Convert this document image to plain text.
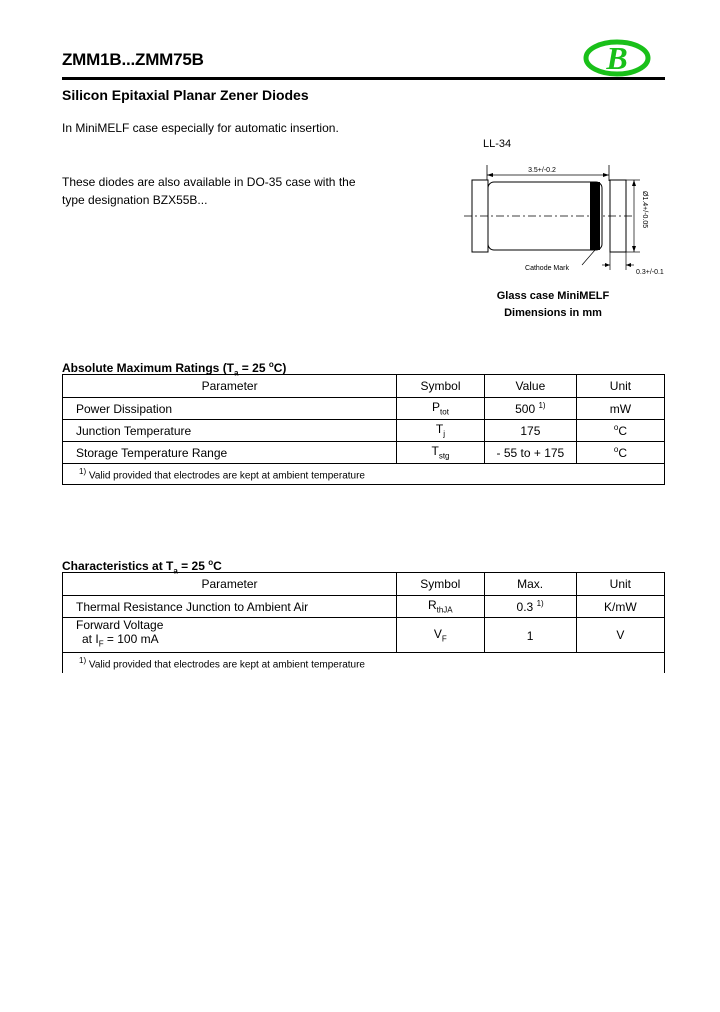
ZMM1B...ZMM75B	B
Silicon Epitaxial Planar Zener Diodes
In MiniMELF case especially for automatic insertion.
These diodes are also available in DO-35 case with the
type designation BZX55B...
LL-34
3.5+/-0.2
Ø1.4+/-0.05
Cathode Mark
0.3+/-0.1
Glass case MiniMELF
Dimensions in mm
Absolute Maximum Ratings ($T_a = 25$ $^o$C)
Parameter	Symbol	Value	Unit
Power Dissipation	$P_{tot}$	500 $^{1)}$	mW
Junction Temperature	$T_j$	175	$^o$C
Storage Temperature Range	$T_{stg}$	- 55 to + 175	$^o$C
$^{1)}$ Valid provided that electrodes are kept at ambient temperature			
Characteristics at $T_a = 25$ $^o$C
Parameter	Symbol	Max.	Unit
Thermal Resistance Junction to Ambient Air	$R_{thJA}$	0.3 $^{1)}$	K/mW
Forward Voltage
at $I_F = 100$ mA	$V_F$	1	V
$^{1)}$ Valid provided that electrodes are kept at ambient temperature			
